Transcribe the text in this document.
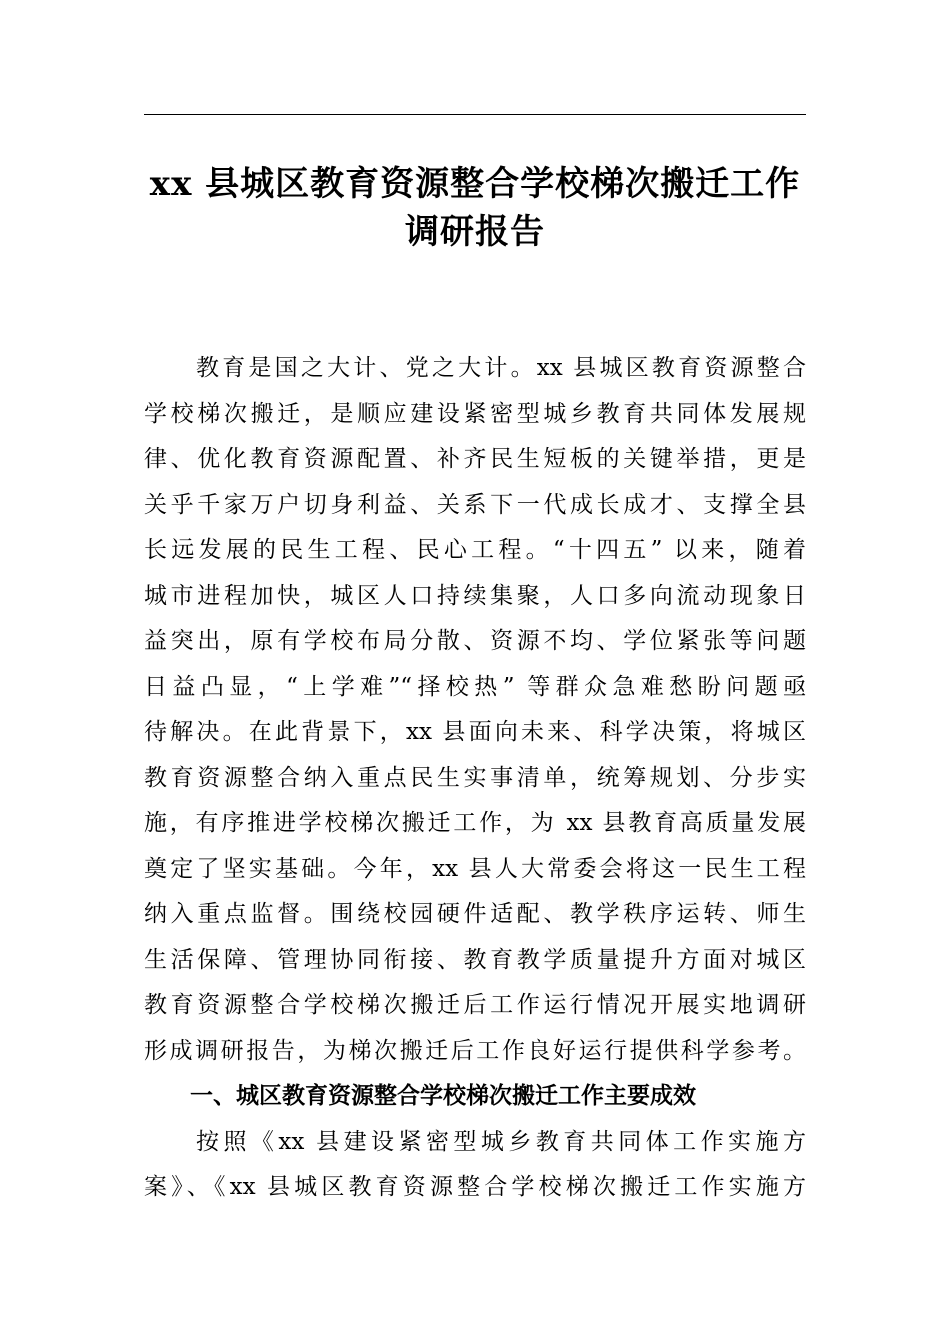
xx 县城区教育资源整合学校梯次搬迁工作
调研报告
教育是国之大计、党之大计。xx 县城区教育资源整合
学校梯次搬迁，是顺应建设紧密型城乡教育共同体发展规
律、优化教育资源配置、补齐民生短板的关键举措，更是
关乎千家万户切身利益、关系下一代成长成才、支撑全县
长远发展的民生工程、民心工程。“十四五” 以来，随着
城市进程加快，城区人口持续集聚，人口多向流动现象日
益突出，原有学校布局分散、资源不均、学位紧张等问题
日益凸显，“上学难”“择校热” 等群众急难愁盼问题亟
待解决。在此背景下，xx 县面向未来、科学决策，将城区
教育资源整合纳入重点民生实事清单，统筹规划、分步实
施，有序推进学校梯次搬迁工作，为 xx 县教育高质量发展
奠定了坚实基础。今年，xx 县人大常委会将这一民生工程
纳入重点监督。围绕校园硬件适配、教学秩序运转、师生
生活保障、管理协同衔接、教育教学质量提升方面对城区
教育资源整合学校梯次搬迁后工作运行情况开展实地调研
形成调研报告，为梯次搬迁后工作良好运行提供科学参考。
一、城区教育资源整合学校梯次搬迁工作主要成效
按照《xx 县建设紧密型城乡教育共同体工作实施方
案》、《xx 县城区教育资源整合学校梯次搬迁工作实施方
